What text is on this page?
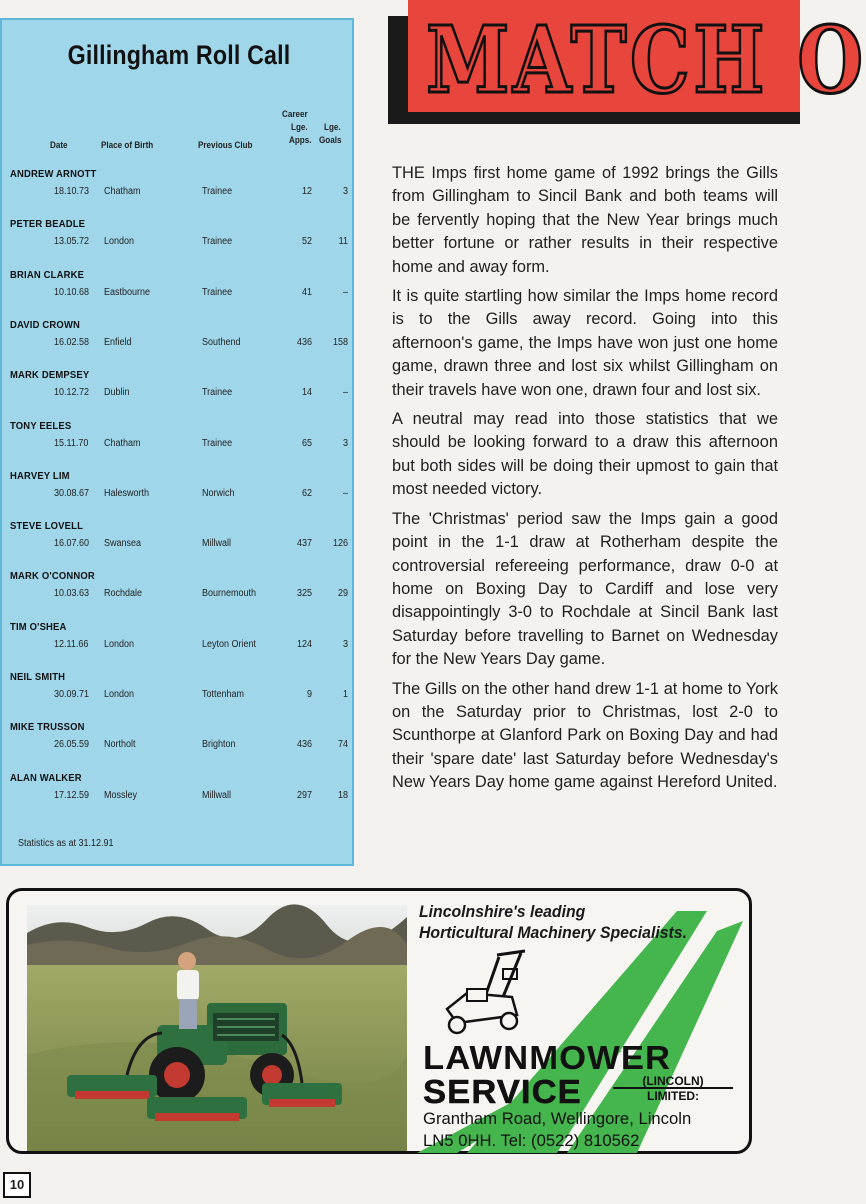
Gillingham Roll Call
Career
Lge. Lge.
Date	Place of Birth	Previous Club	Apps. Goals
ANDREW ARNOTT
18.10.73 Chatham	Trainee	12	3
PETER BEADLE
13.05.72 London	Trainee	52	11
BRIAN CLARKE
10.10.68 Eastbourne	Trainee	41	–
DAVID CROWN
16.02.58 Enfield	Southend	436	158
MARK DEMPSEY
10.12.72 Dublin	Trainee	14	–
TONY EELES
15.11.70 Chatham	Trainee	65	3
HARVEY LIM
30.08.67 Halesworth	Norwich	62	–
STEVE LOVELL
16.07.60 Swansea	Millwall	437	126
MARK O'CONNOR
10.03.63 Rochdale	Bournemouth	325	29
TIM O'SHEA
12.11.66 London	Leyton Orient	124	3
NEIL SMITH
30.09.71 London	Tottenham	9	1
MIKE TRUSSON
26.05.59 Northolt	Brighton	436	74
ALAN WALKER
17.12.59 Mossley	Millwall	297	18
Statistics as at 31.12.91
MATCH O

THE Imps first home game of 1992 brings the Gills from Gillingham to Sincil Bank and both teams will be fervently hoping that the New Year brings much better fortune or rather results in their respective home and away form.

It is quite startling how similar the Imps home record is to the Gills away record. Going into this afternoon's game, the Imps have won just one home game, drawn three and lost six whilst Gillingham on their travels have won one, drawn four and lost six.

A neutral may read into those statistics that we should be looking forward to a draw this afternoon but both sides will be doing their upmost to gain that most needed victory.

The 'Christmas' period saw the Imps gain a good point in the 1-1 draw at Rotherham despite the controversial refereeing performance, draw 0-0 at home on Boxing Day to Cardiff and lose very disappointingly 3-0 to Rochdale at Sincil Bank last Saturday before travelling to Barnet on Wednesday for the New Years Day game.

The Gills on the other hand drew 1-1 at home to York on the Saturday prior to Christmas, lost 2-0 to Scunthorpe at Glanford Park on Boxing Day and had their 'spare date' last Saturday before Wednesday's New Years Day home game against Hereford United.

Lincolnshire's leading
Horticultural Machinery Specialists.
LAWNMOWER
SERVICE	(LINCOLN)
LIMITED:
Grantham Road, Wellingore, Lincoln
LN5 0HH. Tel: (0522) 810562
10
